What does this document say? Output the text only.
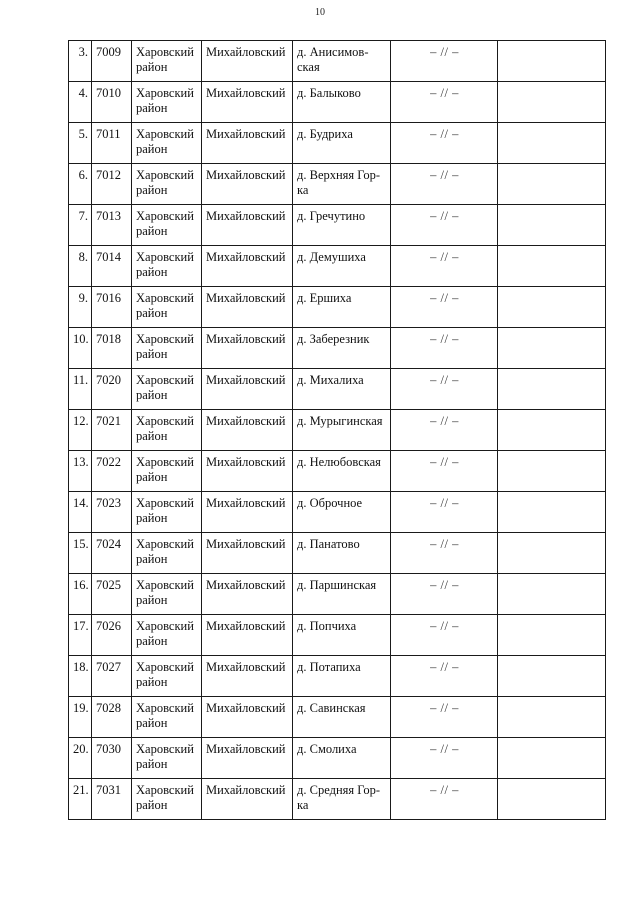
10
3.	7009	Харовский район	Михайловский	д. Анисимов-ская	– // –	
4.	7010	Харовский район	Михайловский	д. Балыково	– // –	
5.	7011	Харовский район	Михайловский	д. Будриха	– // –	
6.	7012	Харовский район	Михайловский	д. Верхняя Гор-ка	– // –	
7.	7013	Харовский район	Михайловский	д. Гречутино	– // –	
8.	7014	Харовский район	Михайловский	д. Демушиха	– // –	
9.	7016	Харовский район	Михайловский	д. Ершиха	– // –	
10.	7018	Харовский район	Михайловский	д. Заберезник	– // –	
11.	7020	Харовский район	Михайловский	д. Михалиха	– // –	
12.	7021	Харовский район	Михайловский	д. Мурыгинская	– // –	
13.	7022	Харовский район	Михайловский	д. Нелюбовская	– // –	
14.	7023	Харовский район	Михайловский	д. Оброчное	– // –	
15.	7024	Харовский район	Михайловский	д. Панатово	– // –	
16.	7025	Харовский район	Михайловский	д. Паршинская	– // –	
17.	7026	Харовский район	Михайловский	д. Попчиха	– // –	
18.	7027	Харовский район	Михайловский	д. Потапиха	– // –	
19.	7028	Харовский район	Михайловский	д. Савинская	– // –	
20.	7030	Харовский район	Михайловский	д. Смолиха	– // –	
21.	7031	Харовский район	Михайловский	д. Средняя Гор-ка	– // –	
